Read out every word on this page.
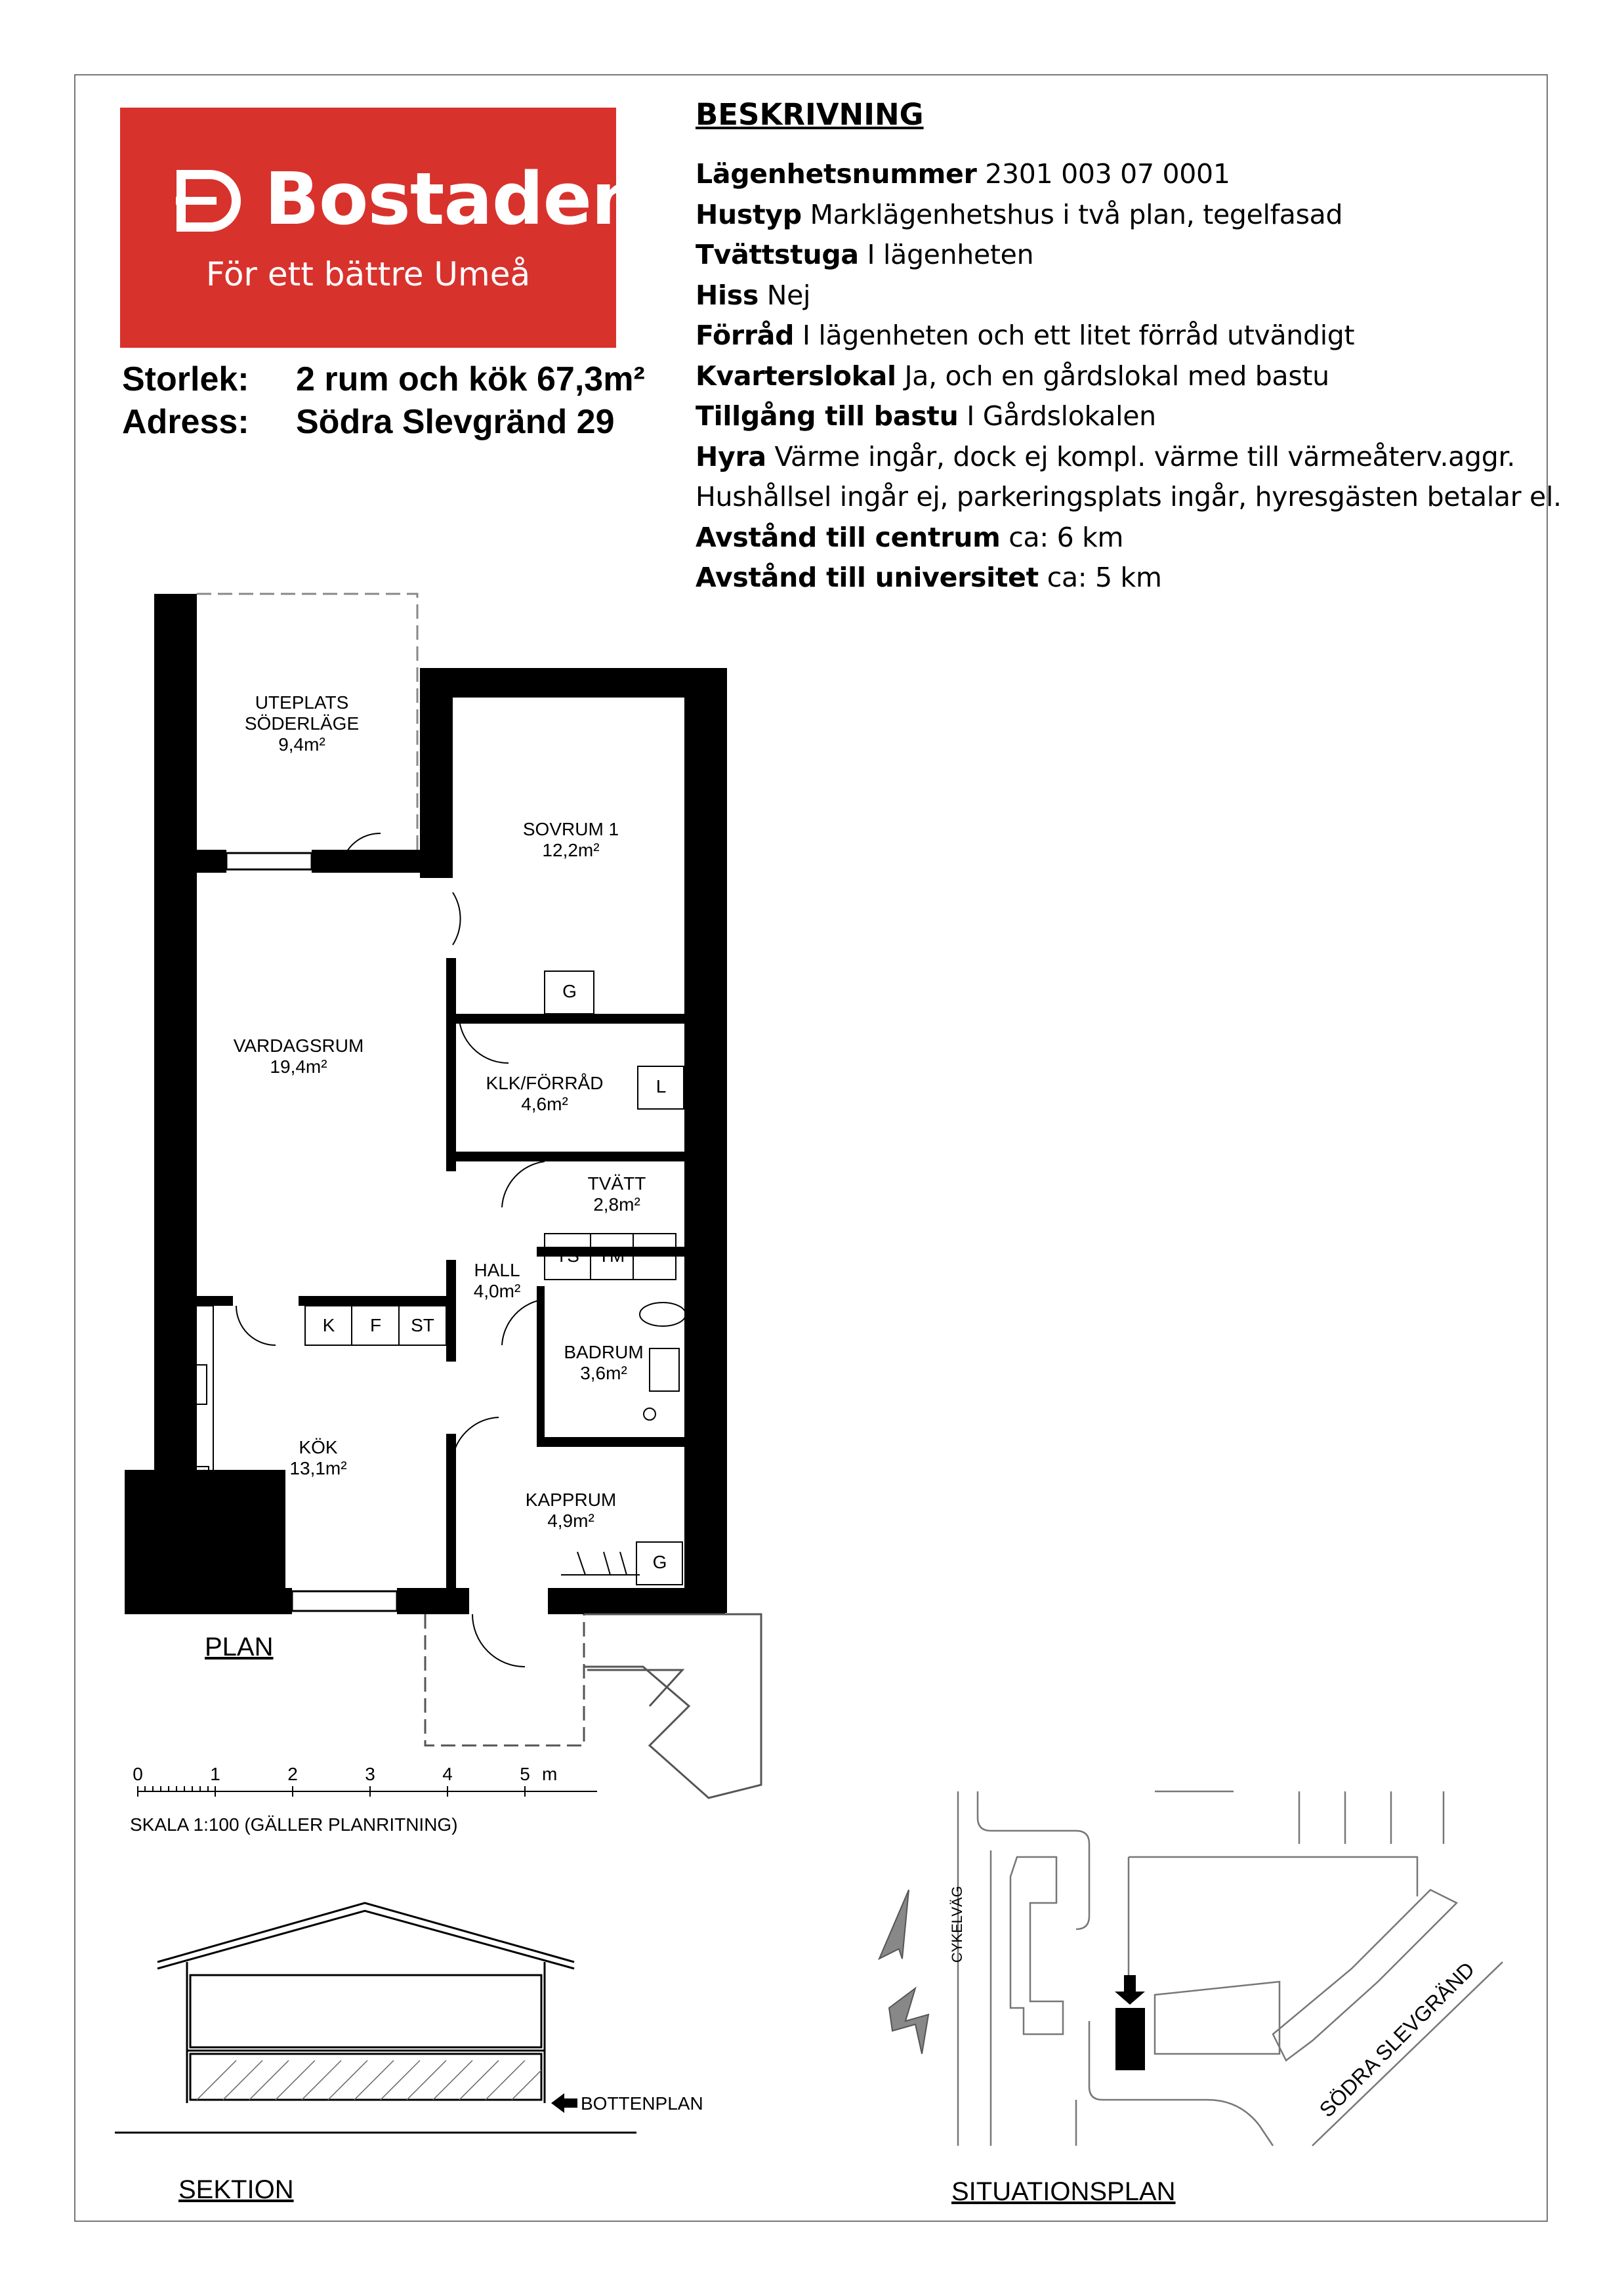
Bostaden
För ett bättre Umeå
Storlek: 2 rum och kök 67,3m²
Adress: Södra Slevgränd 29
BESKRIVNING
Lägenhetsnummer 2301 003 07 0001
Hustyp Marklägenhetshus i två plan, tegelfasad
Tvättstuga I lägenheten
Hiss Nej
Förråd I lägenheten och ett litet förråd utvändigt
Kvarterslokal Ja, och en gårdslokal med bastu
Tillgång till bastu I Gårdslokalen
Hyra Värme ingår, dock ej kompl. värme till värmeåterv.aggr.
Hushållsel ingår ej, parkeringsplats ingår, hyresgästen betalar el.
Avstånd till centrum ca: 6 km
Avstånd till universitet ca: 5 km
UTEPLATS
SÖDERLÄGE
9,4m²
SOVRUM 1
12,2m²
VARDAGSRUM
19,4m²
KLK/FÖRRÅD
4,6m²
TVÄTT
2,8m²
HALL
4,0m²
BADRUM
3,6m²
KÖK
13,1m²
KAPPRUM
4,9m²
G
L
TS	TM
K	F	ST
G
PLAN
SEKTION	SITUATIONSPLAN
BOTTENPLAN
0	1	2	3	4	5 m
SKALA 1:100 (GÄLLER PLANRITNING)
CYKELVÄG
SÖDRA SLEVGRÄND
